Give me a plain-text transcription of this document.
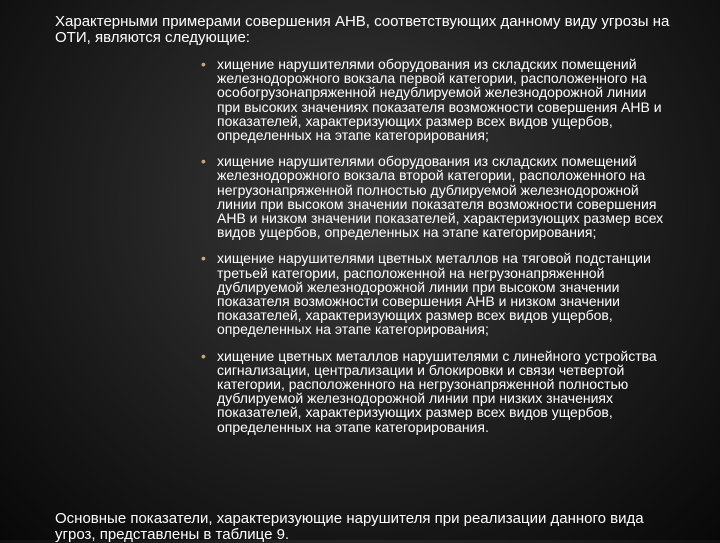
Характерными примерами совершения АНВ, соответствующих данному виду угрозы на ОТИ, являются следующие:

• хищение нарушителями оборудования из складских помещений железнодорожного вокзала первой категории, расположенного на особогрузонапряженной недублируемой железнодорожной линии при высоких значениях показателя возможности совершения АНВ и показателей, характеризующих размер всех видов ущербов, определенных на этапе категорирования;
• хищение нарушителями оборудования из складских помещений железнодорожного вокзала второй категории, расположенного на негрузонапряженной полностью дублируемой железнодорожной линии при высоком значении показателя возможности совершения АНВ и низком значении показателей, характеризующих размер всех видов ущербов, определенных на этапе категорирования;
• хищение нарушителями цветных металлов на тяговой подстанции третьей категории, расположенной на негрузонапряженной дублируемой железнодорожной линии при высоком значении показателя возможности совершения АНВ и низком значении показателей, характеризующих размер всех видов ущербов, определенных на этапе категорирования;
• хищение цветных металлов нарушителями с линейного устройства сигнализации, централизации и блокировки и связи четвертой категории, расположенного на негрузонапряженной полностью дублируемой железнодорожной линии при низких значениях показателей, характеризующих размер всех видов ущербов, определенных на этапе категорирования.

Основные показатели, характеризующие нарушителя при реализации данного вида угроз, представлены в таблице 9.
